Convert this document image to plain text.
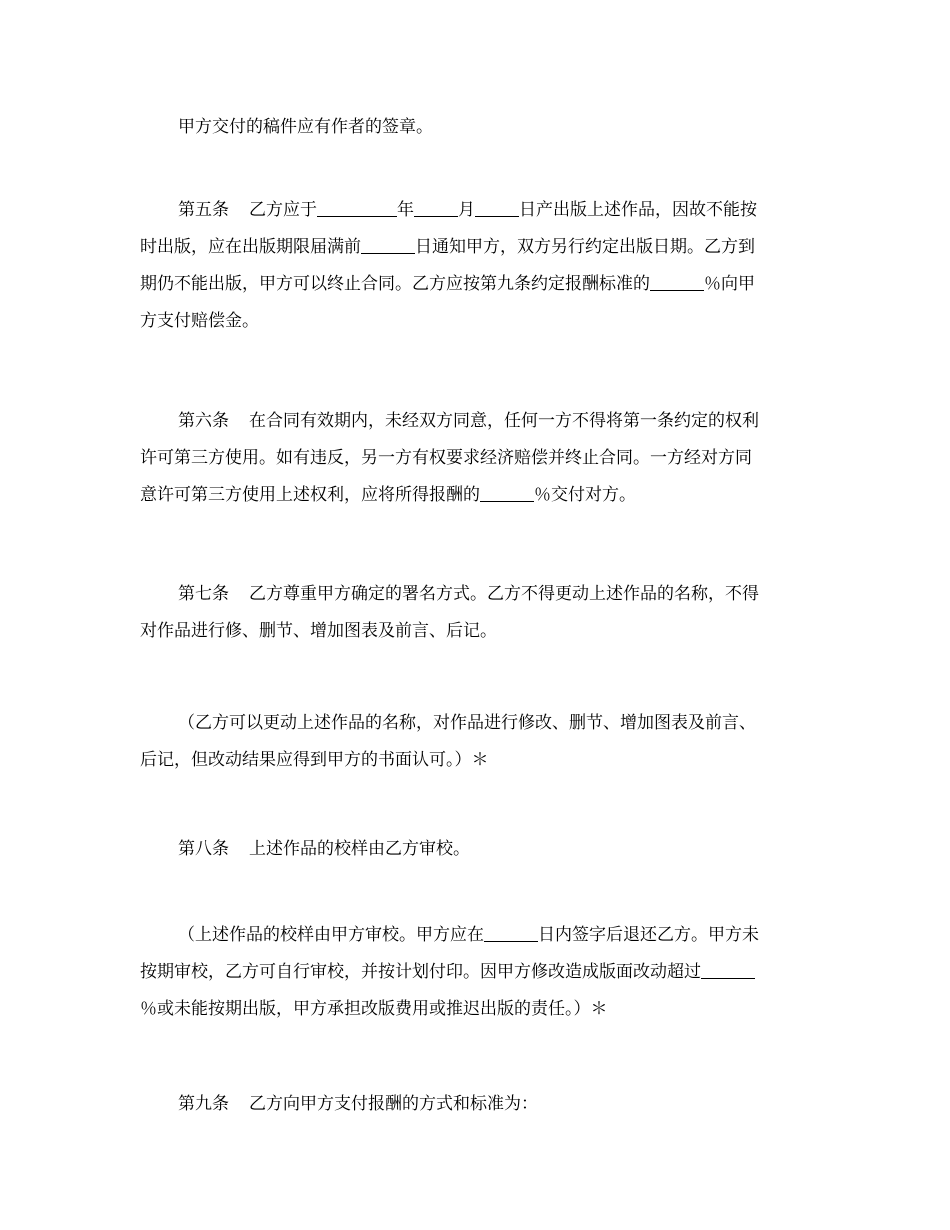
甲方交付的稿件应有作者的签章。

第五条 乙方应于	年	月	日产出版上述作品，因故不能按
时出版，应在出版期限届满前	日通知甲方，双方另行约定出版日期。乙方到
期仍不能出版，甲方可以终止合同。乙方应按第九条约定报酬标准的	％向甲
方支付赔偿金。

第六条 在合同有效期内，未经双方同意，任何一方不得将第一条约定的权利
许可第三方使用。如有违反，另一方有权要求经济赔偿并终止合同。一方经对方同
意许可第三方使用上述权利，应将所得报酬的	％交付对方。

第七条 乙方尊重甲方确定的署名方式。乙方不得更动上述作品的名称，不得
对作品进行修、删节、增加图表及前言、后记。

（乙方可以更动上述作品的名称，对作品进行修改、删节、增加图表及前言、
后记，但改动结果应得到甲方的书面认可。）＊

第八条 上述作品的校样由乙方审校。

（上述作品的校样由甲方审校。甲方应在	日内签字后退还乙方。甲方未
按期审校，乙方可自行审校，并按计划付印。因甲方修改造成版面改动超过
％或未能按期出版，甲方承担改版费用或推迟出版的责任。）＊

第九条 乙方向甲方支付报酬的方式和标准为：
